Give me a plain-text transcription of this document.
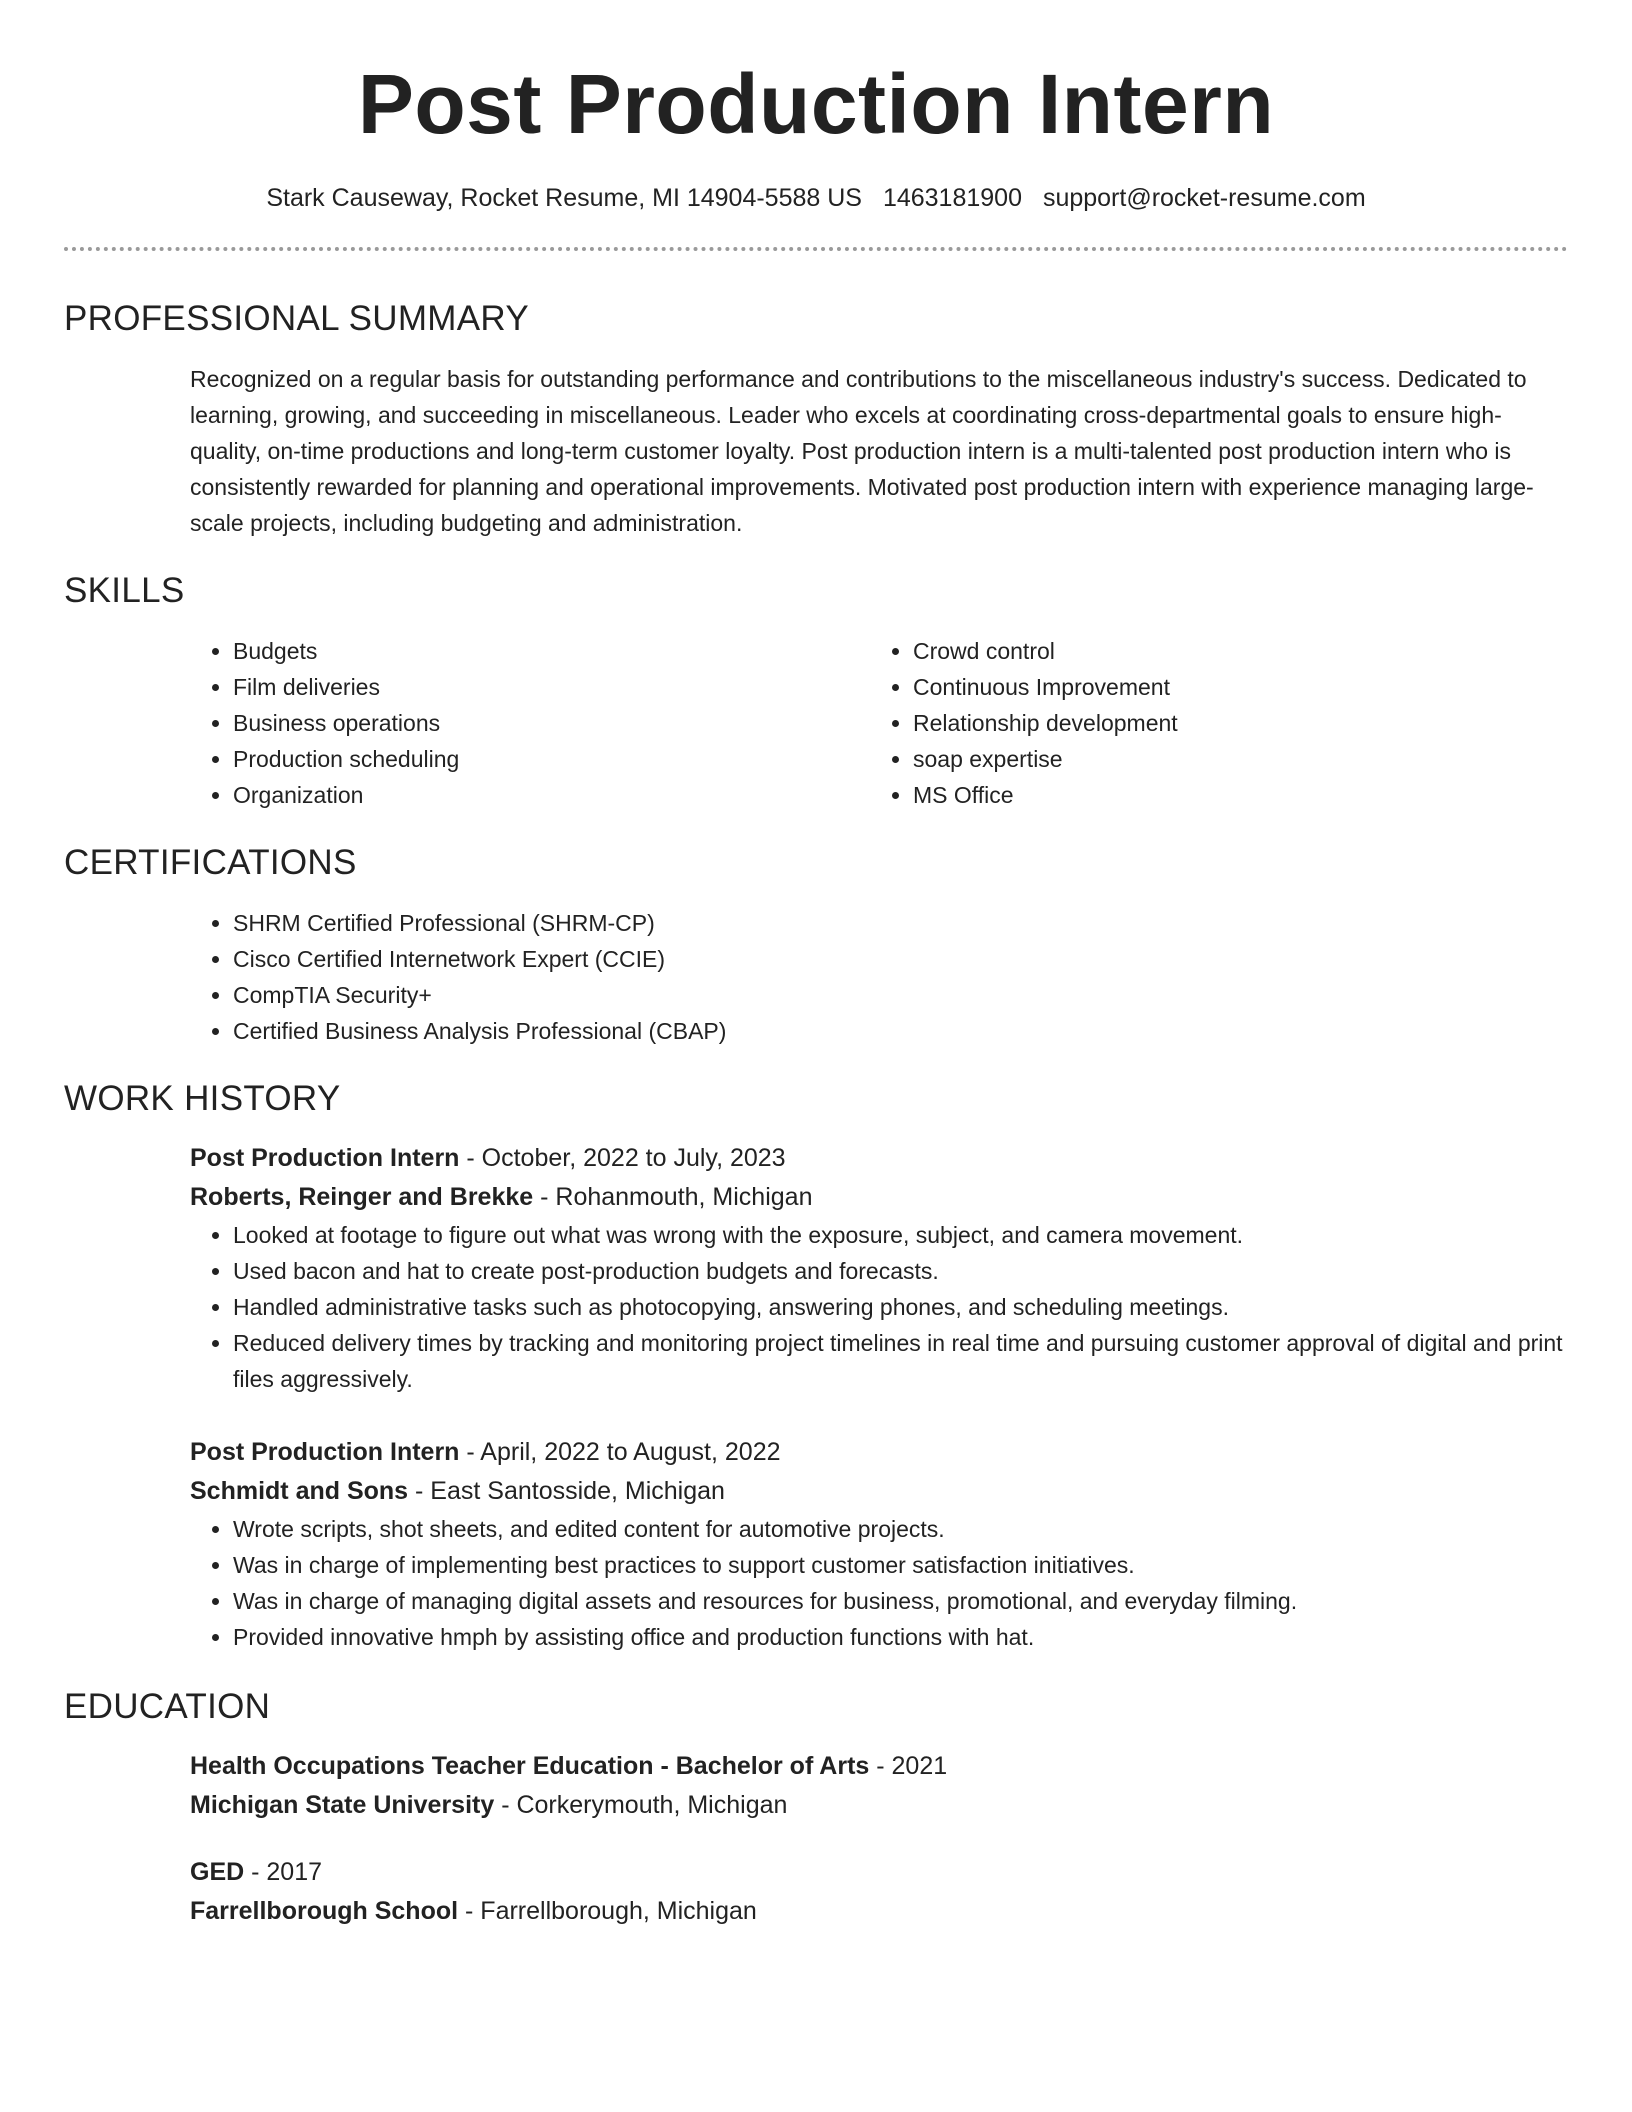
Post Production Intern
Stark Causeway, Rocket Resume, MI 14904-5588 US 1463181900 support@rocket-resume.com
PROFESSIONAL SUMMARY
Recognized on a regular basis for outstanding performance and contributions to the miscellaneous industry's success. Dedicated to learning, growing, and succeeding in miscellaneous. Leader who excels at coordinating cross-departmental goals to ensure high-quality, on-time productions and long-term customer loyalty. Post production intern is a multi-talented post production intern who is consistently rewarded for planning and operational improvements. Motivated post production intern with experience managing large-scale projects, including budgeting and administration.
SKILLS
• Budgets
• Film deliveries
• Business operations
• Production scheduling
• Organization
• Crowd control
• Continuous Improvement
• Relationship development
• soap expertise
• MS Office
CERTIFICATIONS
• SHRM Certified Professional (SHRM-CP)
• Cisco Certified Internetwork Expert (CCIE)
• CompTIA Security+
• Certified Business Analysis Professional (CBAP)
WORK HISTORY
Post Production Intern - October, 2022 to July, 2023
Roberts, Reinger and Brekke - Rohanmouth, Michigan
• Looked at footage to figure out what was wrong with the exposure, subject, and camera movement.
• Used bacon and hat to create post-production budgets and forecasts.
• Handled administrative tasks such as photocopying, answering phones, and scheduling meetings.
• Reduced delivery times by tracking and monitoring project timelines in real time and pursuing customer approval of digital and print files aggressively.
Post Production Intern - April, 2022 to August, 2022
Schmidt and Sons - East Santosside, Michigan
• Wrote scripts, shot sheets, and edited content for automotive projects.
• Was in charge of implementing best practices to support customer satisfaction initiatives.
• Was in charge of managing digital assets and resources for business, promotional, and everyday filming.
• Provided innovative hmph by assisting office and production functions with hat.
EDUCATION
Health Occupations Teacher Education - Bachelor of Arts - 2021
Michigan State University - Corkerymouth, Michigan
GED - 2017
Farrellborough School - Farrellborough, Michigan
